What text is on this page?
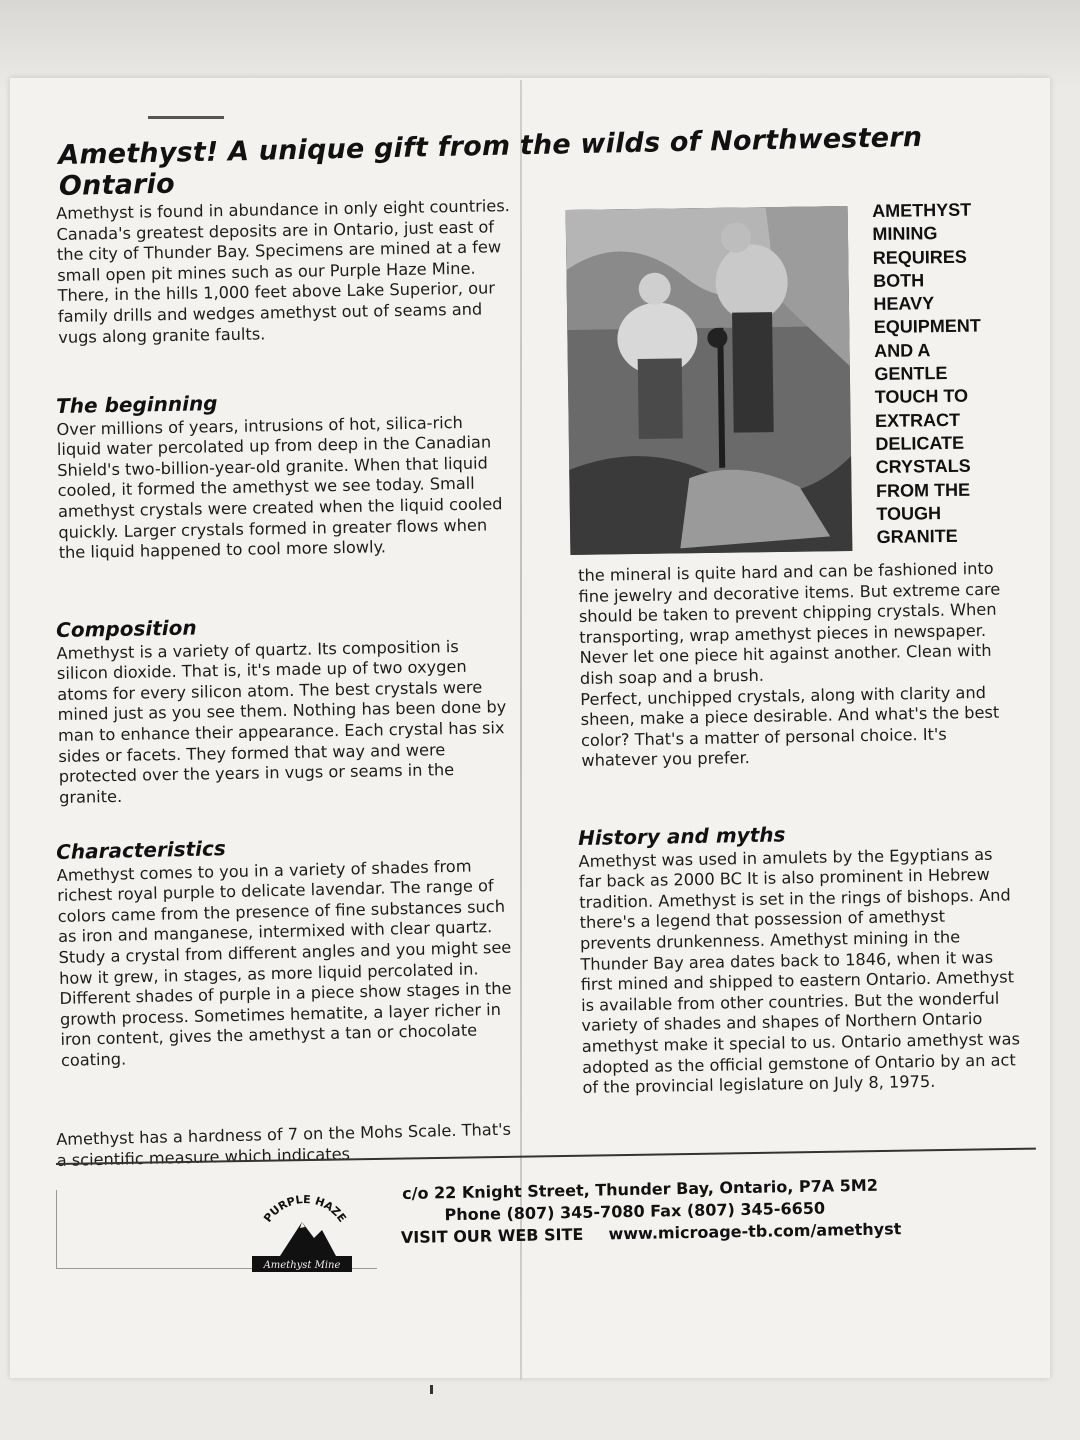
Amethyst! A unique gift from the wilds of Northwestern Ontario

Amethyst is found in abundance in only eight countries. Canada's greatest deposits are in Ontario, just east of the city of Thunder Bay. Specimens are mined at a few small open pit mines such as our Purple Haze Mine. There, in the hills 1,000 feet above Lake Superior, our family drills and wedges amethyst out of seams and vugs along granite faults.

The beginning

Over millions of years, intrusions of hot, silica-rich liquid water percolated up from deep in the Canadian Shield's two-billion-year-old granite. When that liquid cooled, it formed the amethyst we see today. Small amethyst crystals were created when the liquid cooled quickly. Larger crystals formed in greater flows when the liquid happened to cool more slowly.

Composition

Amethyst is a variety of quartz. Its composition is silicon dioxide. That is, it's made up of two oxygen atoms for every silicon atom. The best crystals were mined just as you see them. Nothing has been done by man to enhance their appearance. Each crystal has six sides or facets. They formed that way and were protected over the years in vugs or seams in the granite.

Characteristics

Amethyst comes to you in a variety of shades from richest royal purple to delicate lavendar. The range of colors came from the presence of fine substances such as iron and manganese, intermixed with clear quartz. Study a crystal from different angles and you might see how it grew, in stages, as more liquid percolated in. Different shades of purple in a piece show stages in the growth process. Sometimes hematite, a layer richer in iron content, gives the amethyst a tan or chocolate coating.

Amethyst has a hardness of 7 on the Mohs Scale. That's a scientific measure which indicates

AMETHYST
MINING
REQUIRES
BOTH
HEAVY
EQUIPMENT
AND A
GENTLE
TOUCH TO
EXTRACT
DELICATE
CRYSTALS
FROM THE
TOUGH
GRANITE

the mineral is quite hard and can be fashioned into fine jewelry and decorative items. But extreme care should be taken to prevent chipping crystals. When transporting, wrap amethyst pieces in newspaper. Never let one piece hit against another. Clean with dish soap and a brush.

Perfect, unchipped crystals, along with clarity and sheen, make a piece desirable. And what's the best color? That's a matter of personal choice. It's whatever you prefer.

History and myths

Amethyst was used in amulets by the Egyptians as far back as 2000 BC It is also prominent in Hebrew tradition. Amethyst is set in the rings of bishops. And there's a legend that possession of amethyst prevents drunkenness. Amethyst mining in the Thunder Bay area dates back to 1846, when it was first mined and shipped to eastern Ontario. Amethyst is available from other countries. But the wonderful variety of shades and shapes of Northern Ontario amethyst make it special to us. Ontario amethyst was adopted as the official gemstone of Ontario by an act of the provincial legislature on July 8, 1975.

PURPLE HAZE
Amethyst Mine
c/o 22 Knight Street, Thunder Bay, Ontario, P7A 5M2
Phone (807) 345-7080 Fax (807) 345-6650
VISIT OUR WEB SITE www.microage-tb.com/amethyst
